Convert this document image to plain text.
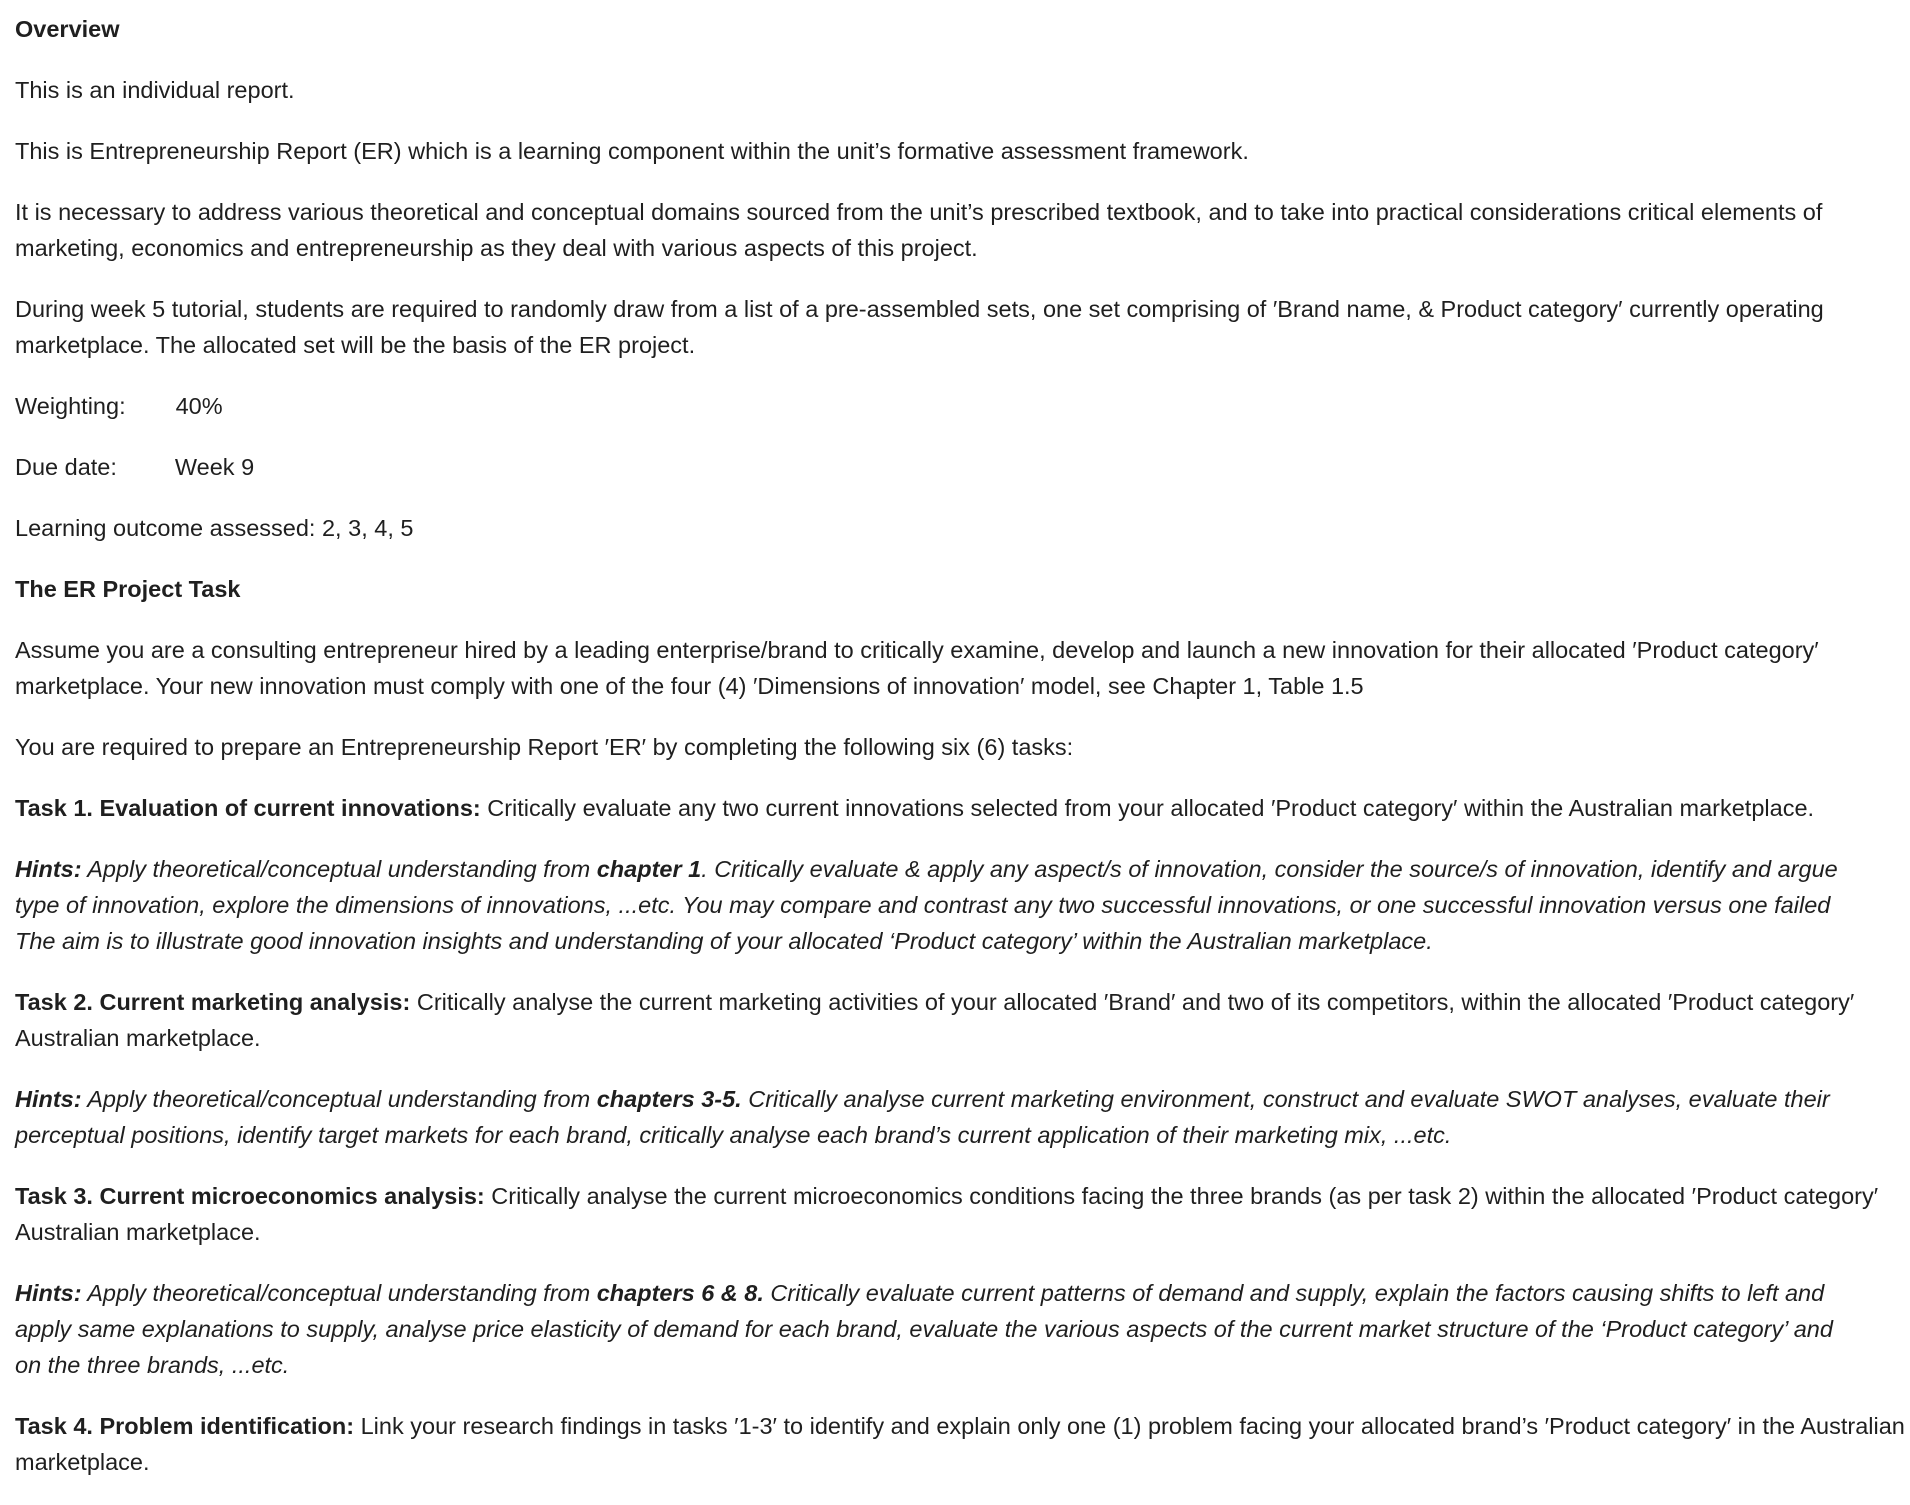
Overview
This is an individual report.
This is Entrepreneurship Report (ER) which is a learning component within the unit’s formative assessment framework.
It is necessary to address various theoretical and conceptual domains sourced from the unit’s prescribed textbook, and to take into practical considerations critical elements of
marketing, economics and entrepreneurship as they deal with various aspects of this project.
During week 5 tutorial, students are required to randomly draw from a list of a pre-assembled sets, one set comprising of ′Brand name, & Product category′ currently operating
marketplace. The allocated set will be the basis of the ER project.
Weighting: 40%
Due date: Week 9
Learning outcome assessed: 2, 3, 4, 5
The ER Project Task
Assume you are a consulting entrepreneur hired by a leading enterprise/brand to critically examine, develop and launch a new innovation for their allocated ′Product category′
marketplace. Your new innovation must comply with one of the four (4) ′Dimensions of innovation′ model, see Chapter 1, Table 1.5
You are required to prepare an Entrepreneurship Report ′ER′ by completing the following six (6) tasks:
Task 1. Evaluation of current innovations: Critically evaluate any two current innovations selected from your allocated ′Product category′ within the Australian marketplace.
Hints: Apply theoretical/conceptual understanding from chapter 1. Critically evaluate & apply any aspect/s of innovation, consider the source/s of innovation, identify and argue
type of innovation, explore the dimensions of innovations, ...etc. You may compare and contrast any two successful innovations, or one successful innovation versus one failed
The aim is to illustrate good innovation insights and understanding of your allocated ‘Product category’ within the Australian marketplace.
Task 2. Current marketing analysis: Critically analyse the current marketing activities of your allocated ′Brand′ and two of its competitors, within the allocated ′Product category′
Australian marketplace.
Hints: Apply theoretical/conceptual understanding from chapters 3-5. Critically analyse current marketing environment, construct and evaluate SWOT analyses, evaluate their
perceptual positions, identify target markets for each brand, critically analyse each brand’s current application of their marketing mix, ...etc.
Task 3. Current microeconomics analysis: Critically analyse the current microeconomics conditions facing the three brands (as per task 2) within the allocated ′Product category′
Australian marketplace.
Hints: Apply theoretical/conceptual understanding from chapters 6 & 8. Critically evaluate current patterns of demand and supply, explain the factors causing shifts to left and
apply same explanations to supply, analyse price elasticity of demand for each brand, evaluate the various aspects of the current market structure of the ‘Product category’ and
on the three brands, ...etc.
Task 4. Problem identification: Link your research findings in tasks ′1-3′ to identify and explain only one (1) problem facing your allocated brand’s ′Product category′ in the Australian
marketplace.
